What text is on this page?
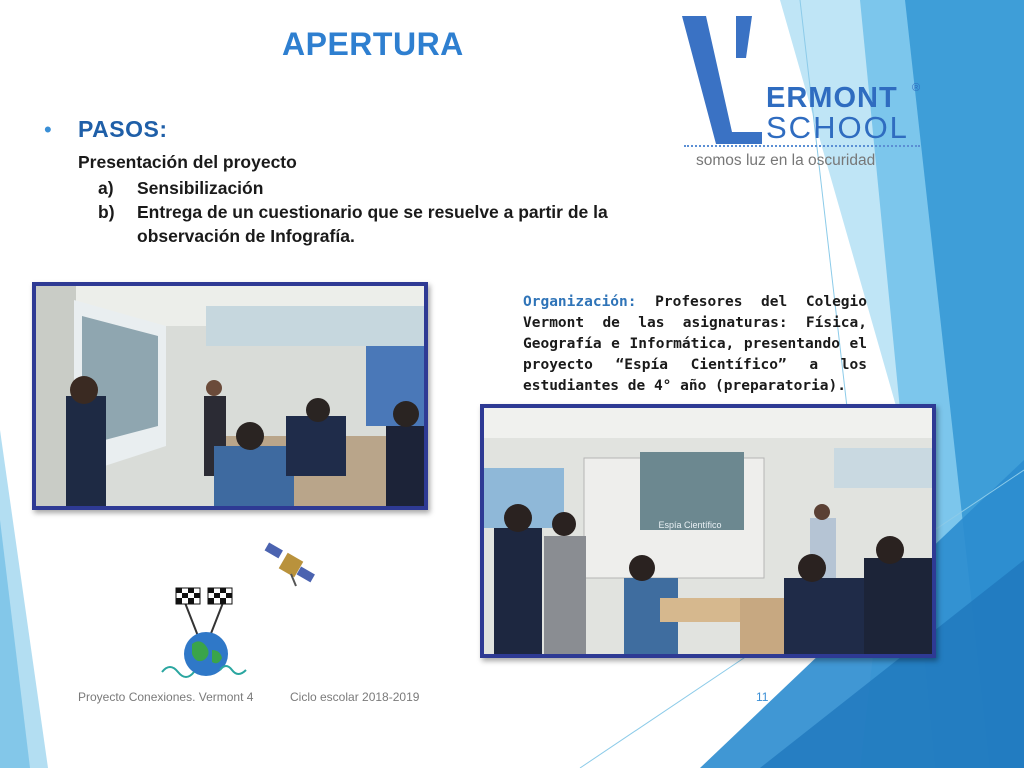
APERTURA
•	PASOS:

Presentación del proyecto

a)	Sensibilización
b)	Entrega de un cuestionario que se resuelve a partir de la observación de Infografía.
ERMONT ®
SCHOOL
somos luz en la oscuridad

Organización: Profesores del Colegio Vermont de las asignaturas: Física, Geografía e Informática, presentando el proyecto “Espía Científico” a los estudiantes de 4° año (preparatoria).

Espía Científico
Proyecto Conexiones. Vermont 4	Ciclo escolar 2018-2019	11
